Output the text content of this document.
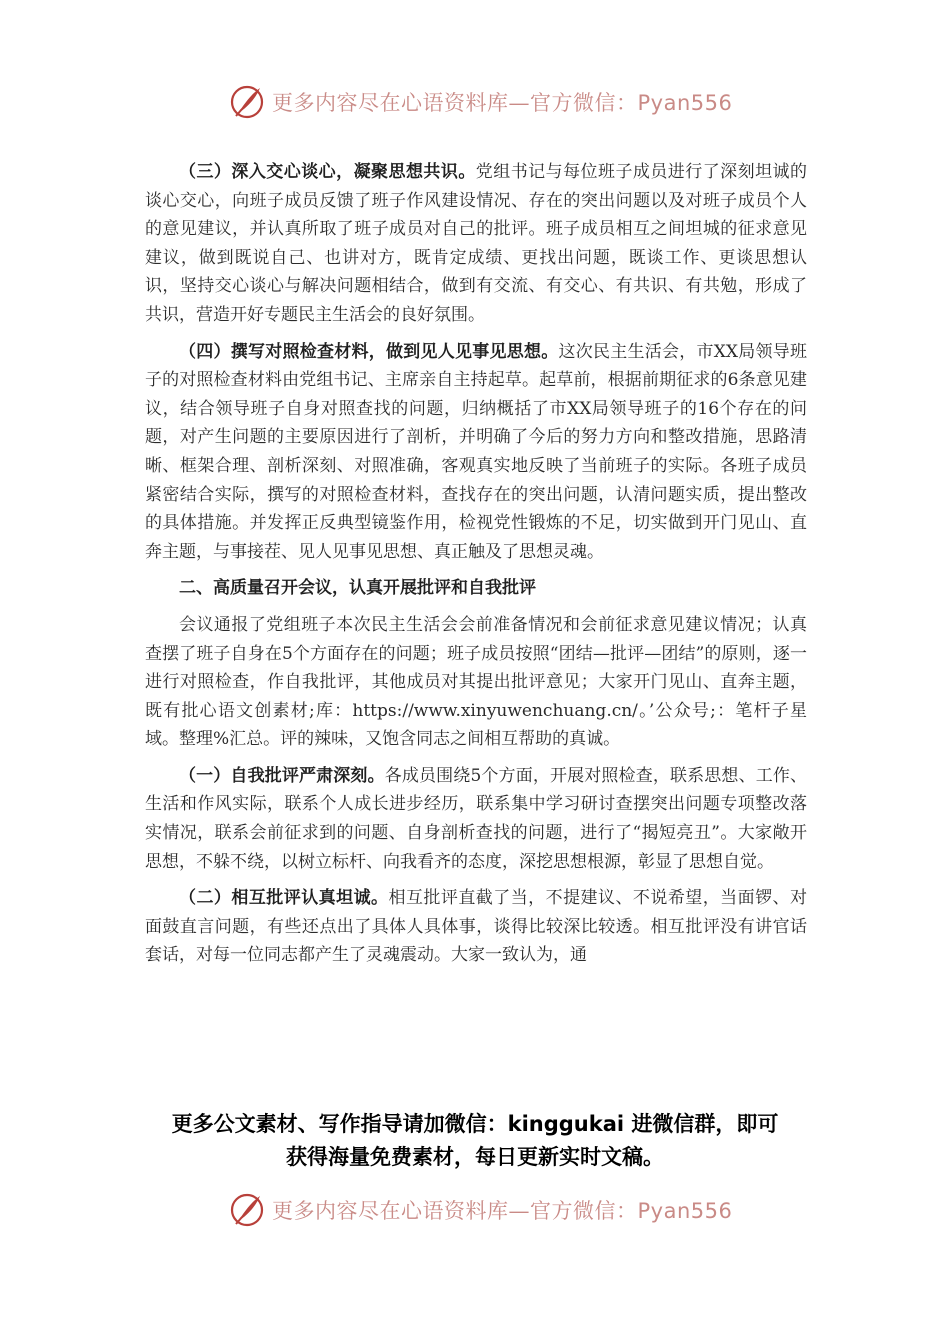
更多内容尽在心语资料库—官方微信：Pyan556

（三）深入交心谈心，凝聚思想共识。党组书记与每位班子成员进行了深刻坦诚的谈心交心，向班子成员反馈了班子作风建设情况、存在的突出问题以及对班子成员个人的意见建议，并认真所取了班子成员对自己的批评。班子成员相互之间坦城的征求意见建议，做到既说自己、也讲对方，既肯定成绩、更找出问题，既谈工作、更谈思想认识，坚持交心谈心与解决问题相结合，做到有交流、有交心、有共识、有共勉，形成了共识，营造开好专题民主生活会的良好氛围。

（四）撰写对照检查材料，做到见人见事见思想。这次民主生活会，市XX局领导班子的对照检查材料由党组书记、主席亲自主持起草。起草前，根据前期征求的6条意见建议，结合领导班子自身对照查找的问题，归纳概括了市XX局领导班子的16个存在的问题，对产生问题的主要原因进行了剖析，并明确了今后的努力方向和整改措施，思路清晰、框架合理、剖析深刻、对照准确，客观真实地反映了当前班子的实际。各班子成员紧密结合实际，撰写的对照检查材料，查找存在的突出问题，认清问题实质，提出整改的具体措施。并发挥正反典型镜鉴作用，检视党性锻炼的不足，切实做到开门见山、直奔主题，与事接茬、见人见事见思想、真正触及了思想灵魂。

二、高质量召开会议，认真开展批评和自我批评

会议通报了党组班子本次民主生活会会前准备情况和会前征求意见建议情况；认真查摆了班子自身在5个方面存在的问题；班子成员按照“团结—批评—团结”的原则，逐一进行对照检查，作自我批评，其他成员对其提出批评意见；大家开门见山、直奔主题，既有批心语文创素材;库：https://www.xinyuwenchuang.cn/。’公众号;：笔杆子星域。整理%汇总。评的辣味，又饱含同志之间相互帮助的真诚。

（一）自我批评严肃深刻。各成员围绕5个方面，开展对照检查，联系思想、工作、生活和作风实际，联系个人成长进步经历，联系集中学习研讨查摆突出问题专项整改落实情况，联系会前征求到的问题、自身剖析查找的问题，进行了“揭短亮丑”。大家敞开思想，不躲不绕，以树立标杆、向我看齐的态度，深挖思想根源，彰显了思想自觉。

（二）相互批评认真坦诚。相互批评直截了当，不提建议、不说希望，当面锣、对面鼓直言问题，有些还点出了具体人具体事，谈得比较深比较透。相互批评没有讲官话套话，对每一位同志都产生了灵魂震动。大家一致认为，通

更多公文素材、写作指导请加微信：kinggukai 进微信群，即可
获得海量免费素材，每日更新实时文稿。
更多内容尽在心语资料库—官方微信：Pyan556
